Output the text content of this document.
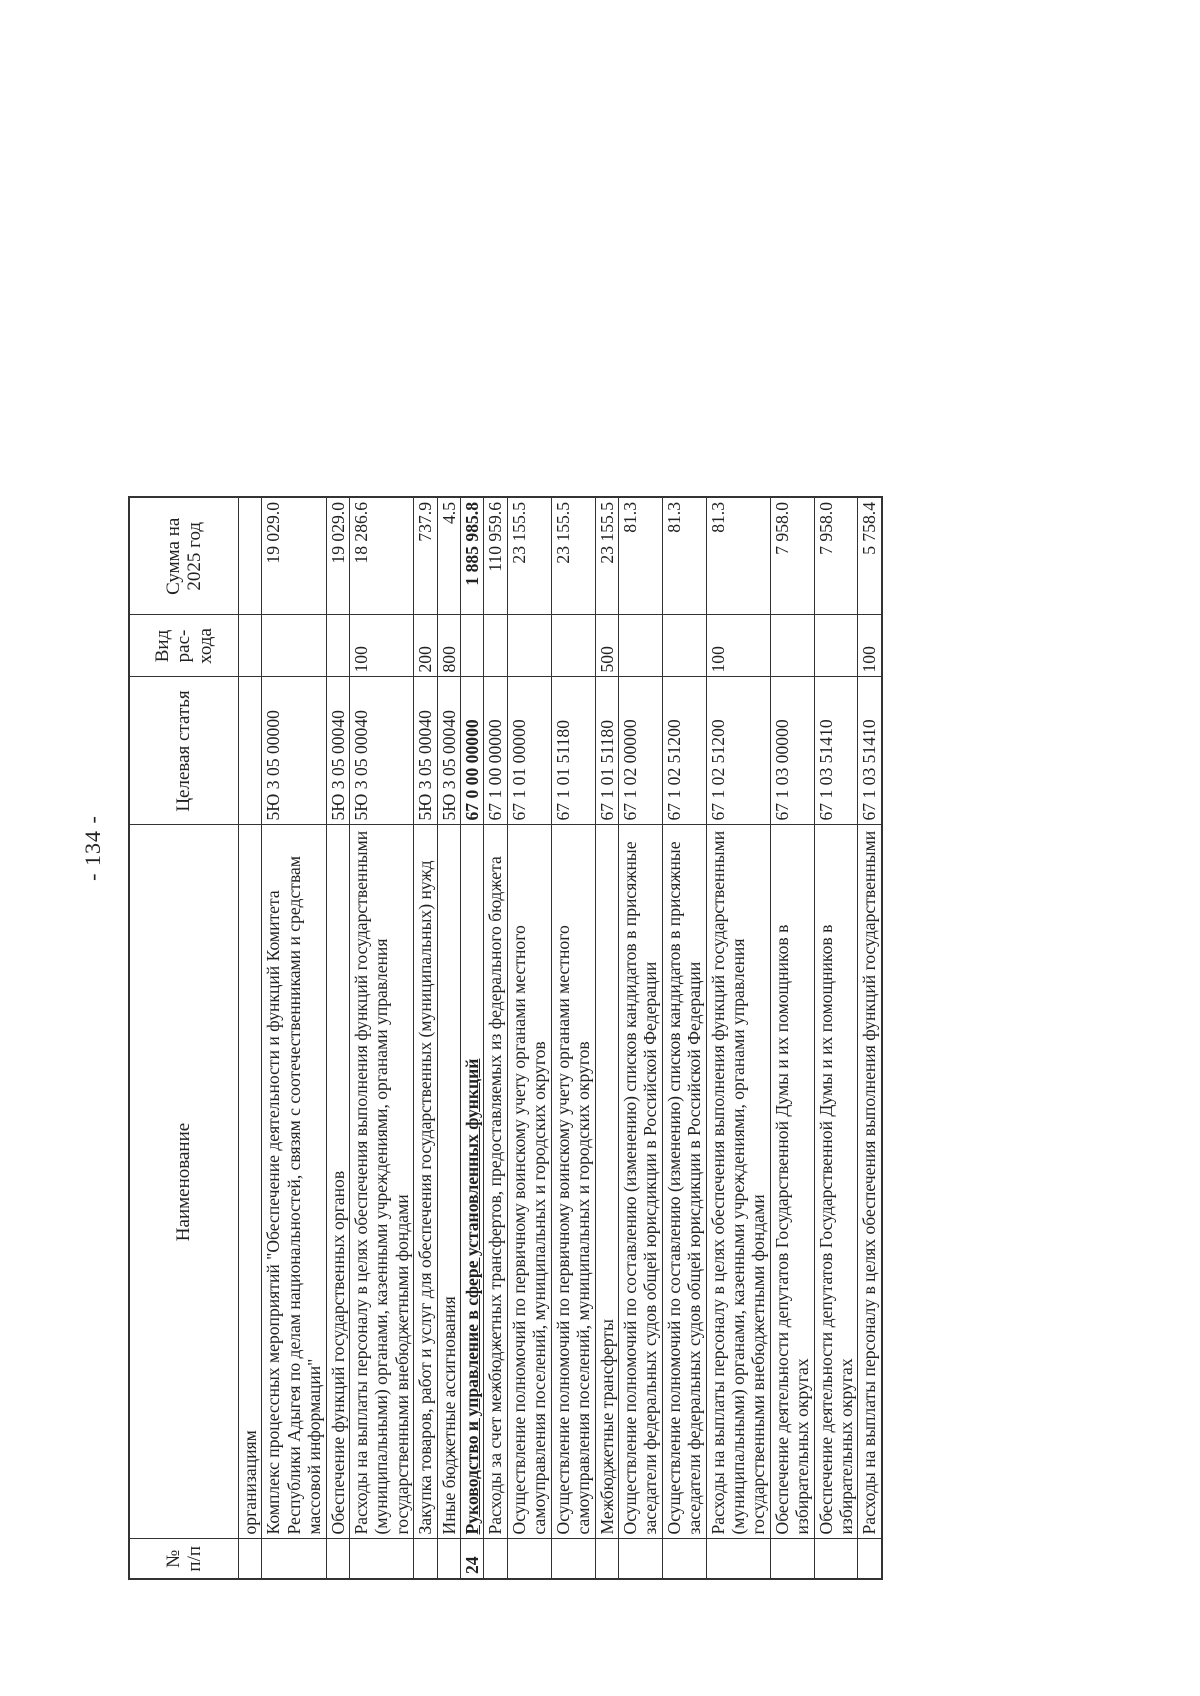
- 134 -
№ п/п	Наименование	Целевая статья	Вид рас-хода	Сумма на 2025 год
	организациям			
	Комплекс процессных мероприятий "Обеспечение деятельности и функций Комитета Республики Адыгея по делам национальностей, связям с соотечественниками и средствам массовой информации"	5Ю 3 05 00000		19 029.0
	Обеспечение функций государственных органов	5Ю 3 05 00040		19 029.0
	Расходы на выплаты персоналу в целях обеспечения выполнения функций государственными (муниципальными) органами, казенными учреждениями, органами управления государственными внебюджетными фондами	5Ю 3 05 00040	100	18 286.6
	Закупка товаров, работ и услуг для обеспечения государственных (муниципальных) нужд	5Ю 3 05 00040	200	737.9
	Иные бюджетные ассигнования	5Ю 3 05 00040	800	4.5
24	Руководство и управление в сфере установленных функций	67 0 00 00000		1 885 985.8
	Расходы за счет межбюджетных трансфертов, предоставляемых из федерального бюджета	67 1 00 00000		110 959.6
	Осуществление полномочий по первичному воинскому учету органами местного самоуправления поселений, муниципальных и городских округов	67 1 01 00000		23 155.5
	Осуществление полномочий по первичному воинскому учету органами местного самоуправления поселений, муниципальных и городских округов	67 1 01 51180		23 155.5
	Межбюджетные трансферты	67 1 01 51180	500	23 155.5
	Осуществление полномочий по составлению (изменению) списков кандидатов в присяжные заседатели федеральных судов общей юрисдикции в Российской Федерации	67 1 02 00000		81.3
	Осуществление полномочий по составлению (изменению) списков кандидатов в присяжные заседатели федеральных судов общей юрисдикции в Российской Федерации	67 1 02 51200		81.3
	Расходы на выплаты персоналу в целях обеспечения выполнения функций государственными (муниципальными) органами, казенными учреждениями, органами управления государственными внебюджетными фондами	67 1 02 51200	100	81.3
	Обеспечение деятельности депутатов Государственной Думы и их помощников в избирательных округах	67 1 03 00000		7 958.0
	Обеспечение деятельности депутатов Государственной Думы и их помощников в избирательных округах	67 1 03 51410		7 958.0
	Расходы на выплаты персоналу в целях обеспечения выполнения функций государственными	67 1 03 51410	100	5 758.4
